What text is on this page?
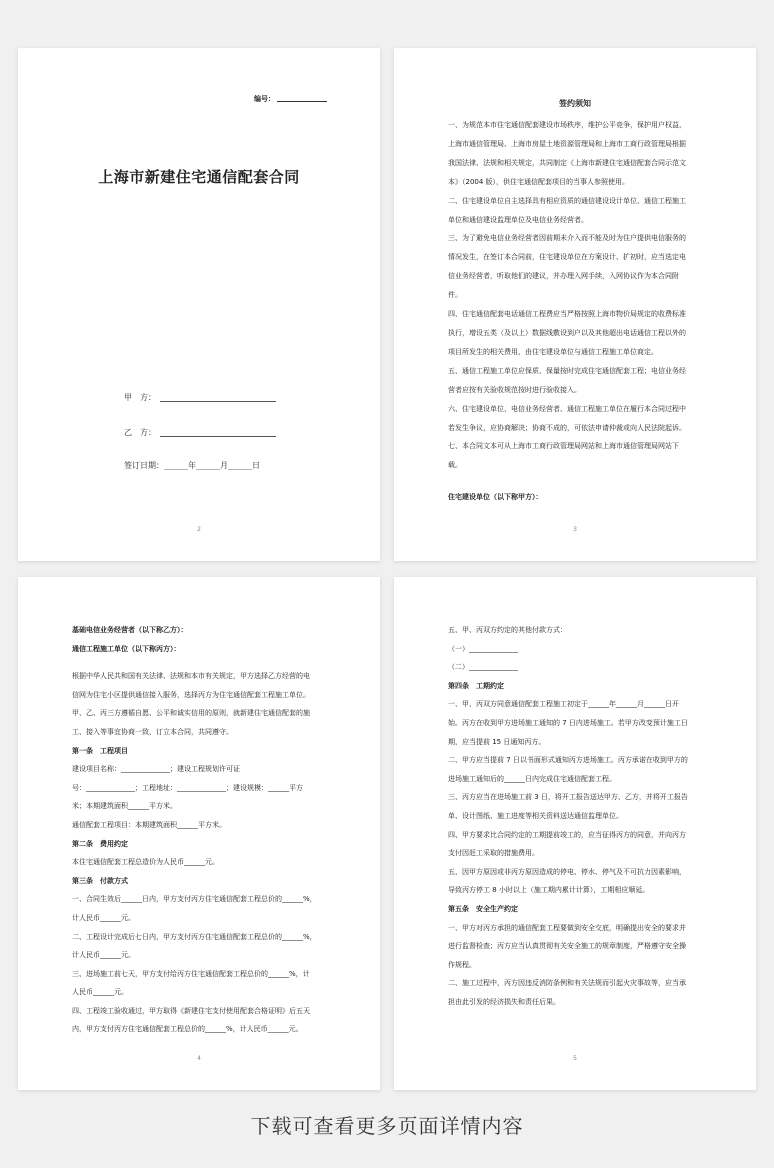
编号：
上海市新建住宅通信配套合同
甲　方：
乙　方：
签订日期：______年______月______日
2
签约须知

一、为规范本市住宅通信配套建设市场秩序，维护公平竞争，保护用户权益，

上海市通信管理局、上海市房屋土地资源管理局和上海市工商行政管理局根据

我国法律、法规和相关规定，共同制定《上海市新建住宅通信配套合同示范文

本》（2004 版），供住宅通信配套项目的当事人参照使用。

二、住宅建设单位自主选择具有相应资质的通信建设设计单位、通信工程施工

单位和通信建设监理单位及电信业务经营者。

三、为了避免电信业务经营者因前期未介入而不能及时为住户提供电信服务的

情况发生，在签订本合同前，住宅建设单位在方案设计、扩初时，应当选定电

信业务经营者，听取他们的建议，并办理入网手续，入网协议作为本合同附

件。

四、住宅通信配套电话通信工程费应当严格按照上海市物价局规定的收费标准

执行，增设五类（及以上）数据线敷设到户以及其他超出电话通信工程以外的

项目所发生的相关费用，由住宅建设单位与通信工程施工单位商定。

五、通信工程施工单位应保质、保量按时完成住宅通信配套工程；电信业务经

营者应按有关验收规范按时进行验收接入。

六、住宅建设单位、电信业务经营者、通信工程施工单位在履行本合同过程中

若发生争议，应协商解决；协商不成的，可依法申请仲裁或向人民法院起诉。

七、本合同文本可从上海市工商行政管理局网站和上海市通信管理局网站下

载。

住宅建设单位（以下称甲方）：
3

基础电信业务经营者（以下称乙方）：

通信工程施工单位（以下称丙方）：

根据中华人民共和国有关法律、法规和本市有关规定，甲方选择乙方经营的电

信网为住宅小区提供通信接入服务，选择丙方为住宅通信配套工程施工单位。

甲、乙、丙三方遵循自愿、公平和诚实信用的原则，就新建住宅通信配套的施

工、接入等事宜协商一致，订立本合同，共同遵守。

第一条　工程项目

建设项目名称：______________；建设工程规划许可证

号：______________；工程地址：______________；建设规模：______平方

米；本期建筑面积______平方米。

通信配套工程项目：本期建筑面积______平方米。

第二条　费用约定

本住宅通信配套工程总造价为人民币______元。

第三条　付款方式

一、合同生效后______日内，甲方支付丙方住宅通信配套工程总价的______%，

计人民币______元。

二、工程设计完成后七日内，甲方支付丙方住宅通信配套工程总价的______%，

计人民币______元。

三、进场施工前七天，甲方支付给丙方住宅通信配套工程总价的______%，计

人民币______元。

四、工程竣工验收通过，甲方取得《新建住宅支付使用配套合格证明》后五天

内，甲方支付丙方住宅通信配套工程总价的______%，计人民币______元。

4

五、甲、丙双方约定的其他付款方式：

（一）______________

（二）______________

第四条　工期约定

一、甲、丙双方同意通信配套工程施工初定于______年______月______日开

始。丙方在收到甲方进场施工通知的 7 日内进场施工。若甲方改变预计施工日

期，应当提前 15 日通知丙方。

二、甲方应当提前 7 日以书面形式通知丙方进场施工。丙方承诺在收到甲方的

进场施工通知后的______日内完成住宅通信配套工程。

三、丙方应当在进场施工前 3 日，将开工报告送达甲方、乙方，并将开工报告

单、设计图纸、施工进度等相关资料送达通信监理单位。

四、甲方要求比合同约定的工期提前竣工的，应当征得丙方的同意，并向丙方

支付因赶工采取的措施费用。

五、因甲方原因或非丙方原因造成的停电、停水、停气及不可抗力因素影响，

导致丙方停工 8 小时以上（施工期内累计计算），工期相应顺延。

第五条　安全生产约定

一、甲方对丙方承担的通信配套工程要做到安全交底，明确提出安全的要求并

进行监督检查；丙方应当认真贯彻有关安全施工的规章制度，严格遵守安全操

作规程。

二、施工过程中，丙方因违反消防条例和有关法规而引起火灾事故等，应当承

担由此引发的经济损失和责任后果。

5
下载可查看更多页面详情内容
